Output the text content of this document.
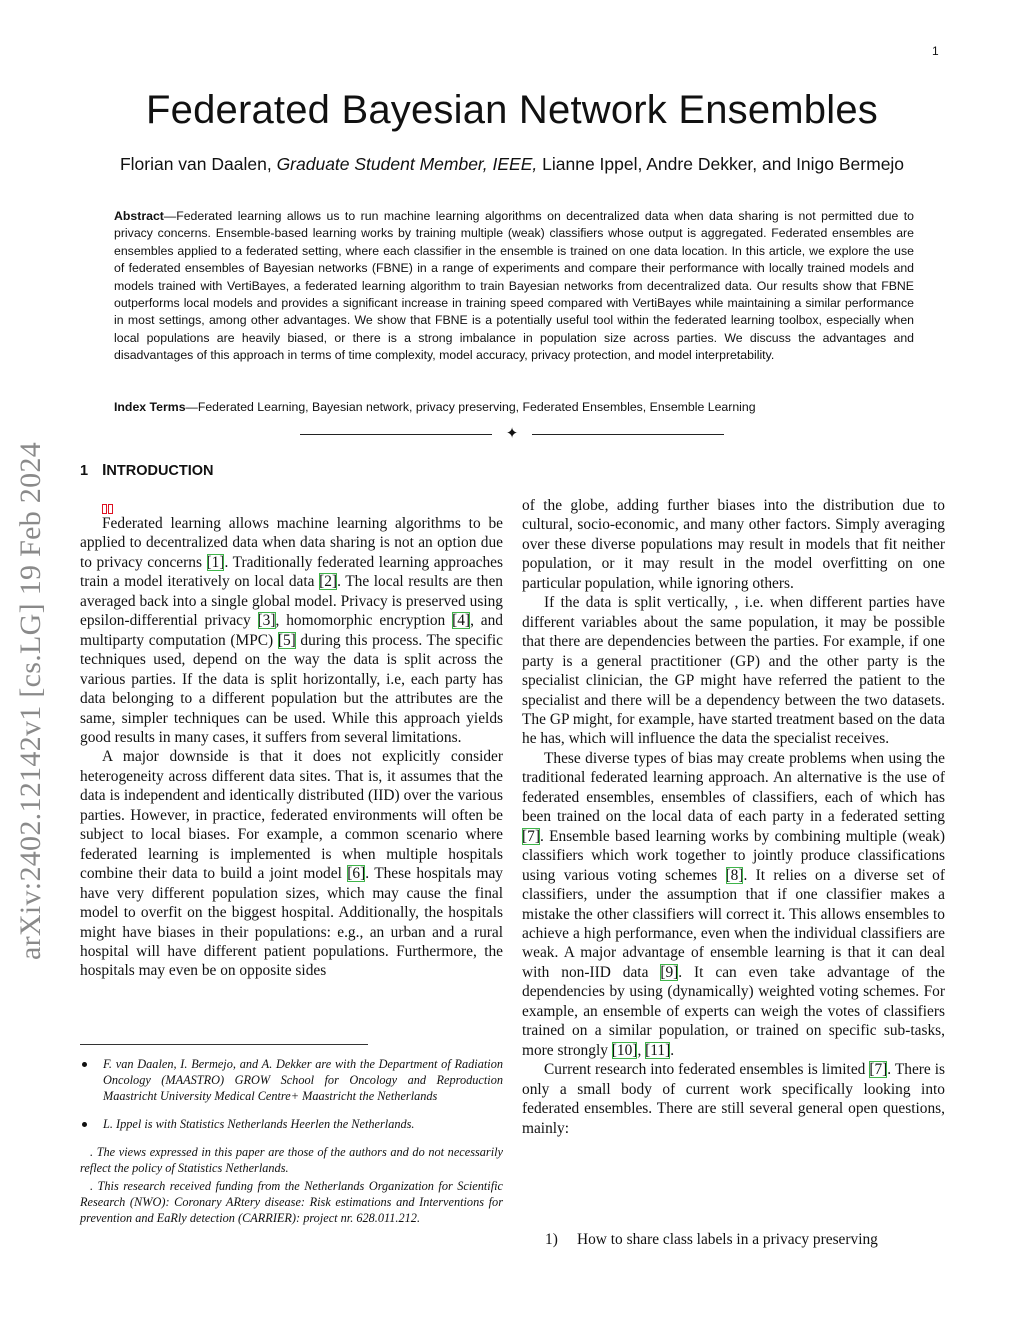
1
Federated Bayesian Network Ensembles
Florian van Daalen, Graduate Student Member, IEEE, Lianne Ippel, Andre Dekker, and Inigo Bermejo
Abstract—Federated learning allows us to run machine learning algorithms on decentralized data when data sharing is not permitted due to privacy concerns. Ensemble-based learning works by training multiple (weak) classifiers whose output is aggregated. Federated ensembles are ensembles applied to a federated setting, where each classifier in the ensemble is trained on one data location. In this article, we explore the use of federated ensembles of Bayesian networks (FBNE) in a range of experiments and compare their performance with locally trained models and models trained with VertiBayes, a federated learning algorithm to train Bayesian networks from decentralized data. Our results show that FBNE outperforms local models and provides a significant increase in training speed compared with VertiBayes while maintaining a similar performance in most settings, among other advantages. We show that FBNE is a potentially useful tool within the federated learning toolbox, especially when local populations are heavily biased, or there is a strong imbalance in population size across parties. We discuss the advantages and disadvantages of this approach in terms of time complexity, model accuracy, privacy protection, and model interpretability.
Index Terms—Federated Learning, Bayesian network, privacy preserving, Federated Ensembles, Ensemble Learning
✦
arXiv:2402.12142v1 [cs.LG] 19 Feb 2024 1 INTRODUCTION

Federated learning allows machine learning algorithms to be applied to decentralized data when data sharing is not an option due to privacy concerns [1]. Traditionally federated learning approaches train a model iteratively on local data [2]. The local results are then averaged back into a single global model. Privacy is preserved using epsilon-differential privacy [3], homomorphic encryption [4], and multiparty computation (MPC) [5] during this process. The specific techniques used, depend on the way the data is split across the various parties. If the data is split horizontally, i.e, each party has data belonging to a different population but the attributes are the same, simpler techniques can be used. While this approach yields good results in many cases, it suffers from several limitations.

A major downside is that it does not explicitly consider heterogeneity across different data sites. That is, it assumes that the data is independent and identically distributed (IID) over the various parties. However, in practice, federated environments will often be subject to local biases. For example, a common scenario where federated learning is implemented is when multiple hospitals combine their data to build a joint model [6]. These hospitals may have very different population sizes, which may cause the final model to overfit on the biggest hospital. Additionally, the hospitals might have biases in their populations: e.g., an urban and a rural hospital will have different patient populations. Furthermore, the hospitals may even be on opposite sides

F. van Daalen, I. Bermejo, and A. Dekker are with the Department of Radiation Oncology (MAASTRO) GROW School for Oncology and Reproduction Maastricht University Medical Centre+ Maastricht the Netherlands
L. Ippel is with Statistics Netherlands Heerlen the Netherlands.
. The views expressed in this paper are those of the authors and do not necessarily reflect the policy of Statistics Netherlands.
. This research received funding from the Netherlands Organization for Scientific Research (NWO): Coronary ARtery disease: Risk estimations and Interventions for prevention and EaRly detection (CARRIER): project nr. 628.011.212.

of the globe, adding further biases into the distribution due to cultural, socio-economic, and many other factors. Simply averaging over these diverse populations may result in models that fit neither population, or it may result in the model overfitting on one particular population, while ignoring others.

If the data is split vertically, , i.e. when different parties have different variables about the same population, it may be possible that there are dependencies between the parties. For example, if one party is a general practitioner (GP) and the other party is the specialist clinician, the GP might have referred the patient to the specialist and there will be a dependency between the two datasets. The GP might, for example, have started treatment based on the data he has, which will influence the data the specialist receives.

These diverse types of bias may create problems when using the traditional federated learning approach. An alternative is the use of federated ensembles, ensembles of classifiers, each of which has been trained on the local data of each party in a federated setting [7]. Ensemble based learning works by combining multiple (weak) classifiers which work together to jointly produce classifications using various voting schemes [8]. It relies on a diverse set of classifiers, under the assumption that if one classifier makes a mistake the other classifiers will correct it. This allows ensembles to achieve a high performance, even when the individual classifiers are weak. A major advantage of ensemble learning is that it can deal with non-IID data [9]. It can even take advantage of the dependencies by using (dynamically) weighted voting schemes. For example, an ensemble of experts can weigh the votes of classifiers trained on a similar population, or trained on specific sub-tasks, more strongly [10], [11].

Current research into federated ensembles is limited [7]. There is only a small body of current work specifically looking into federated ensembles. There are still several general open questions, mainly:

1) How to share class labels in a privacy preserving
